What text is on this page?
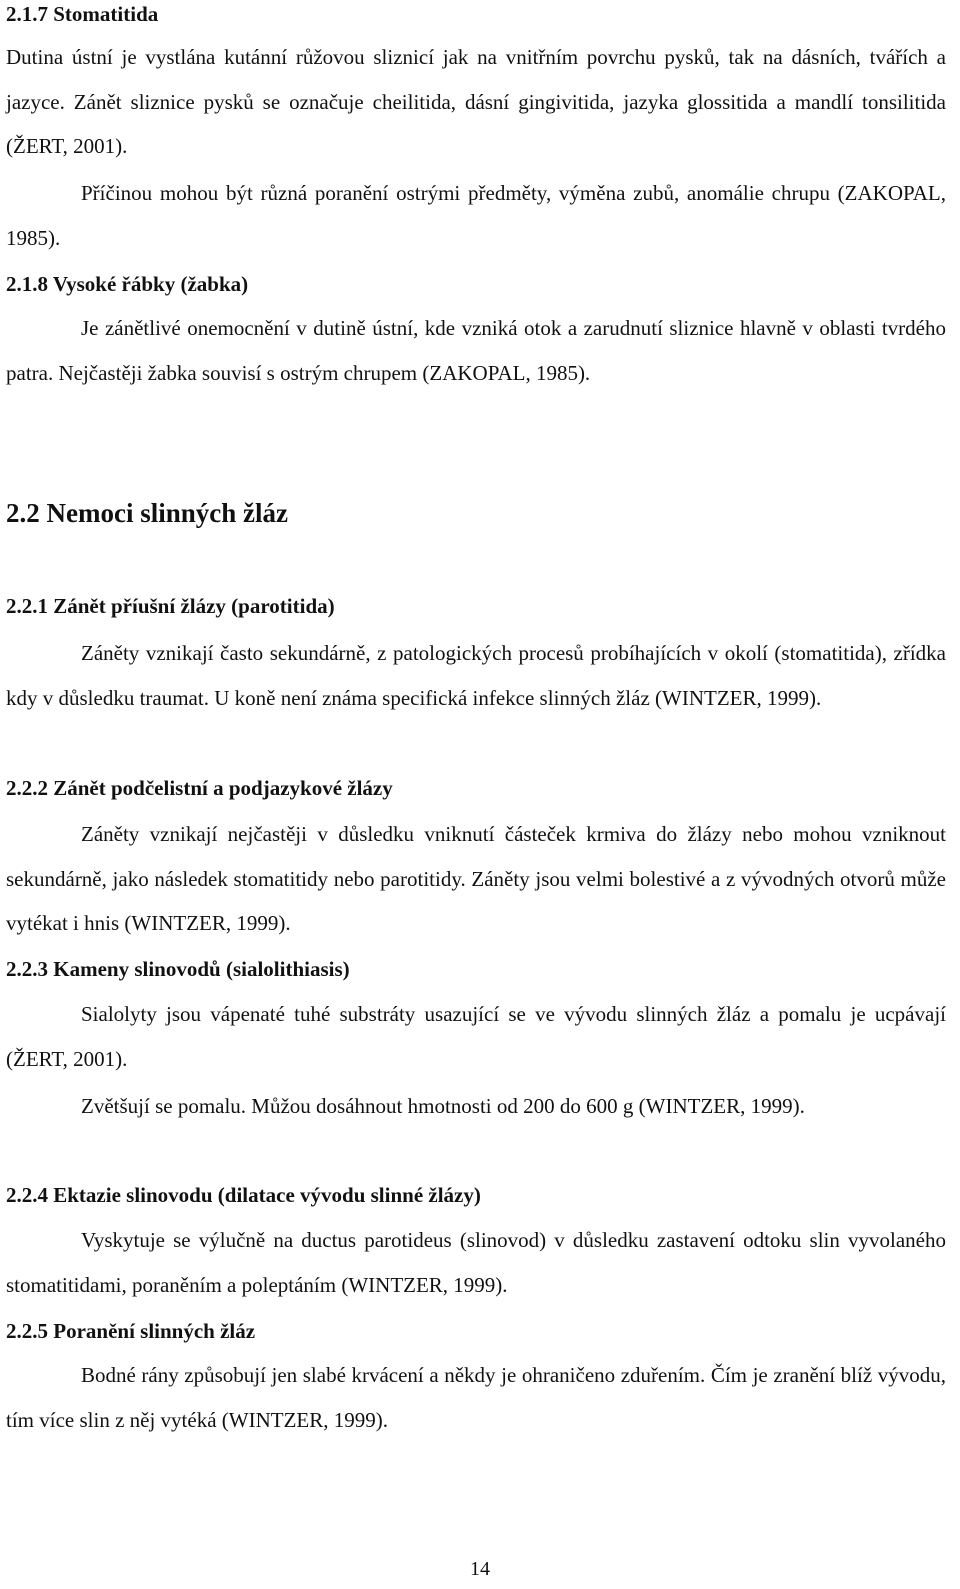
2.1.7 Stomatitida

Dutina ústní je vystlána kutánní růžovou sliznicí jak na vnitřním povrchu pysků, tak na dásních, tvářích a jazyce. Zánět sliznice pysků se označuje cheilitida, dásní gingivitida, jazyka glossitida a mandlí tonsilitida (ŽERT, 2001).

Příčinou mohou být různá poranění ostrými předměty, výměna zubů, anomálie chrupu (ZAKOPAL, 1985).

2.1.8 Vysoké řábky (žabka)

Je zánětlivé onemocnění v dutině ústní, kde vzniká otok a zarudnutí sliznice hlavně v oblasti tvrdého patra. Nejčastěji žabka souvisí s ostrým chrupem (ZAKOPAL, 1985).

2.2 Nemoci slinných žláz
2.2.1 Zánět příušní žlázy (parotitida)

Záněty vznikají často sekundárně, z patologických procesů probíhajících v okolí (stomatitida), zřídka kdy v důsledku traumat. U koně není známa specifická infekce slinných žláz (WINTZER, 1999).

2.2.2 Zánět podčelistní a podjazykové žlázy

Záněty vznikají nejčastěji v důsledku vniknutí částeček krmiva do žlázy nebo mohou vzniknout sekundárně, jako následek stomatitidy nebo parotitidy. Záněty jsou velmi bolestivé a z vývodných otvorů může vytékat i hnis (WINTZER, 1999).

2.2.3 Kameny slinovodů (sialolithiasis)

Sialolyty jsou vápenaté tuhé substráty usazující se ve vývodu slinných žláz a pomalu je ucpávají (ŽERT, 2001).

Zvětšují se pomalu. Můžou dosáhnout hmotnosti od 200 do 600 g (WINTZER, 1999).

2.2.4 Ektazie slinovodu (dilatace vývodu slinné žlázy)

Vyskytuje se výlučně na ductus parotideus (slinovod) v důsledku zastavení odtoku slin vyvolaného stomatitidami, poraněním a poleptáním (WINTZER, 1999).

2.2.5 Poranění slinných žláz

Bodné rány způsobují jen slabé krvácení a někdy je ohraničeno zduřením. Čím je zranění blíž vývodu, tím více slin z něj vytéká (WINTZER, 1999).

14
